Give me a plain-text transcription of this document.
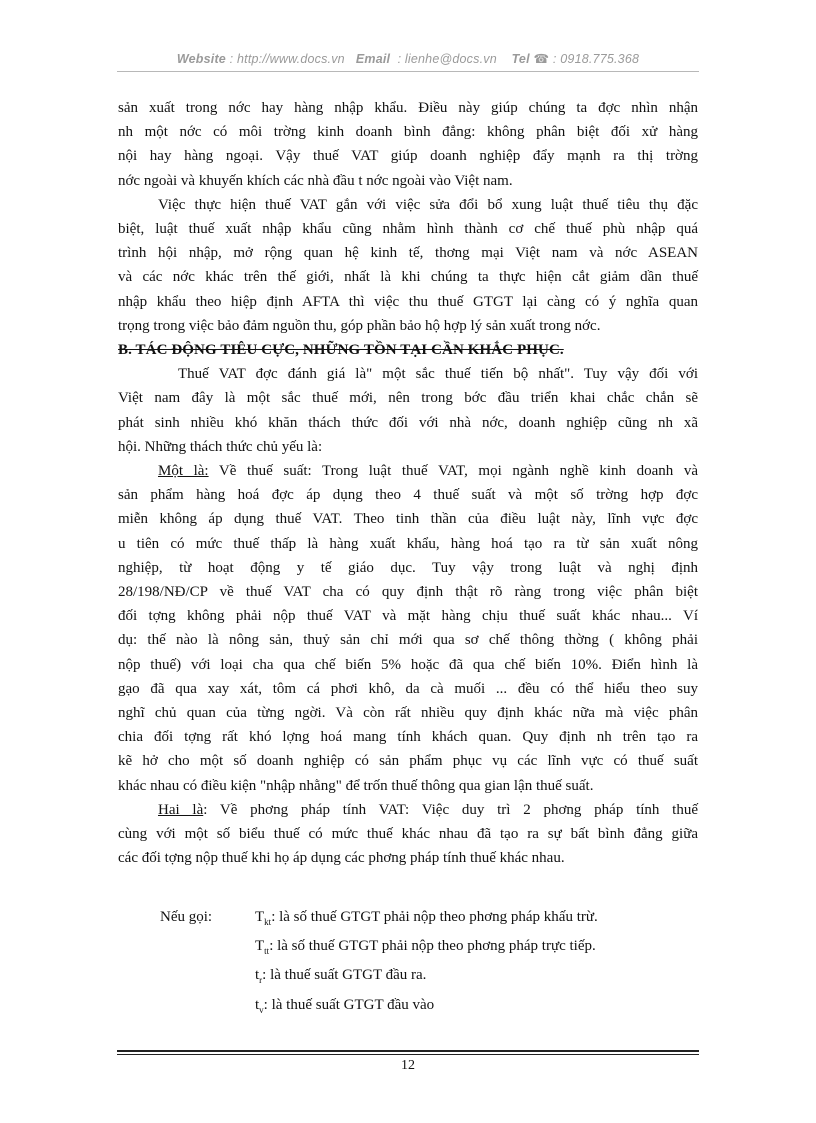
Website : http://www.docs.vn Email : lienhe@docs.vn Tel ☎ : 0918.775.368
sản xuất trong nớc hay hàng nhập khẩu. Điều này giúp chúng ta đợc nhìn nhận
nh một nớc có môi trờng kinh doanh bình đẳng: không phân biệt đối xử hàng
nội hay hàng ngoại. Vậy thuế VAT giúp doanh nghiệp đẩy mạnh ra thị trờng
nớc ngoài và khuyến khích các nhà đầu t nớc ngoài vào Việt nam.
Việc thực hiện thuế VAT gắn với việc sửa đổi bổ xung luật thuế tiêu thụ đặc
biệt, luật thuế xuất nhập khẩu cũng nhằm hình thành cơ chế thuế phù nhập quá
trình hội nhập, mở rộng quan hệ kinh tế, thơng mại Việt nam và nớc ASEAN
và các nớc khác trên thế giới, nhất là khi chúng ta thực hiện cắt giảm dần thuế
nhập khẩu theo hiệp định AFTA thì việc thu thuế GTGT lại càng có ý nghĩa quan
trọng trong việc bảo đảm nguồn thu, góp phần bảo hộ hợp lý sản xuất trong nớc.
B. TÁC ĐỘNG TIÊU CỰC, NHỮNG TỒN TẠI CẦN KHẮC PHỤC.
Thuế VAT đợc đánh giá là" một sắc thuế tiến bộ nhất". Tuy vậy đối với
Việt nam đây là một sắc thuế mới, nên trong bớc đầu triển khai chắc chắn sẽ
phát sinh nhiều khó khăn thách thức đối với nhà nớc, doanh nghiệp cũng nh xã
hội. Những thách thức chủ yếu là:
Một là: Về thuế suất: Trong luật thuế VAT, mọi ngành nghề kinh doanh và
sản phẩm hàng hoá đợc áp dụng theo 4 thuế suất và một số trờng hợp đợc
miễn không áp dụng thuế VAT. Theo tinh thần của điều luật này, lĩnh vực đợc
u tiên có mức thuế thấp là hàng xuất khẩu, hàng hoá tạo ra từ sản xuất nông
nghiệp, từ hoạt động y tế giáo dục. Tuy vậy trong luật và nghị định
28/198/NĐ/CP về thuế VAT cha có quy định thật rõ ràng trong việc phân biệt
đối tợng không phải nộp thuế VAT và mặt hàng chịu thuế suất khác nhau... Ví
dụ: thế nào là nông sản, thuỷ sản chỉ mới qua sơ chế thông thờng ( không phải
nộp thuế) với loại cha qua chế biến 5% hoặc đã qua chế biến 10%. Điển hình là
gạo đã qua xay xát, tôm cá phơi khô, da cà muối ... đều có thể hiểu theo suy
nghĩ chủ quan của từng ngời. Và còn rất nhiều quy định khác nữa mà việc phân
chia đối tợng rất khó lợng hoá mang tính khách quan. Quy định nh trên tạo ra
kẽ hở cho một số doanh nghiệp có sản phẩm phục vụ các lĩnh vực có thuế suất
khác nhau có điều kiện "nhập nhằng" để trốn thuế thông qua gian lận thuế suất.
Hai là: Về phơng pháp tính VAT: Việc duy trì 2 phơng pháp tính thuế
cùng với một số biểu thuế có mức thuế khác nhau đã tạo ra sự bất bình đẳng giữa
các đối tợng nộp thuế khi họ áp dụng các phơng pháp tính thuế khác nhau.
Nếu gọi:	$T_{kt}$: là số thuế GTGT phải nộp theo phơng pháp khấu trừ.
$T_{tt}$: là số thuế GTGT phải nộp theo phơng pháp trực tiếp.
$t_r$: là thuế suất GTGT đầu ra.
$t_v$: là thuế suất GTGT đầu vào
12
